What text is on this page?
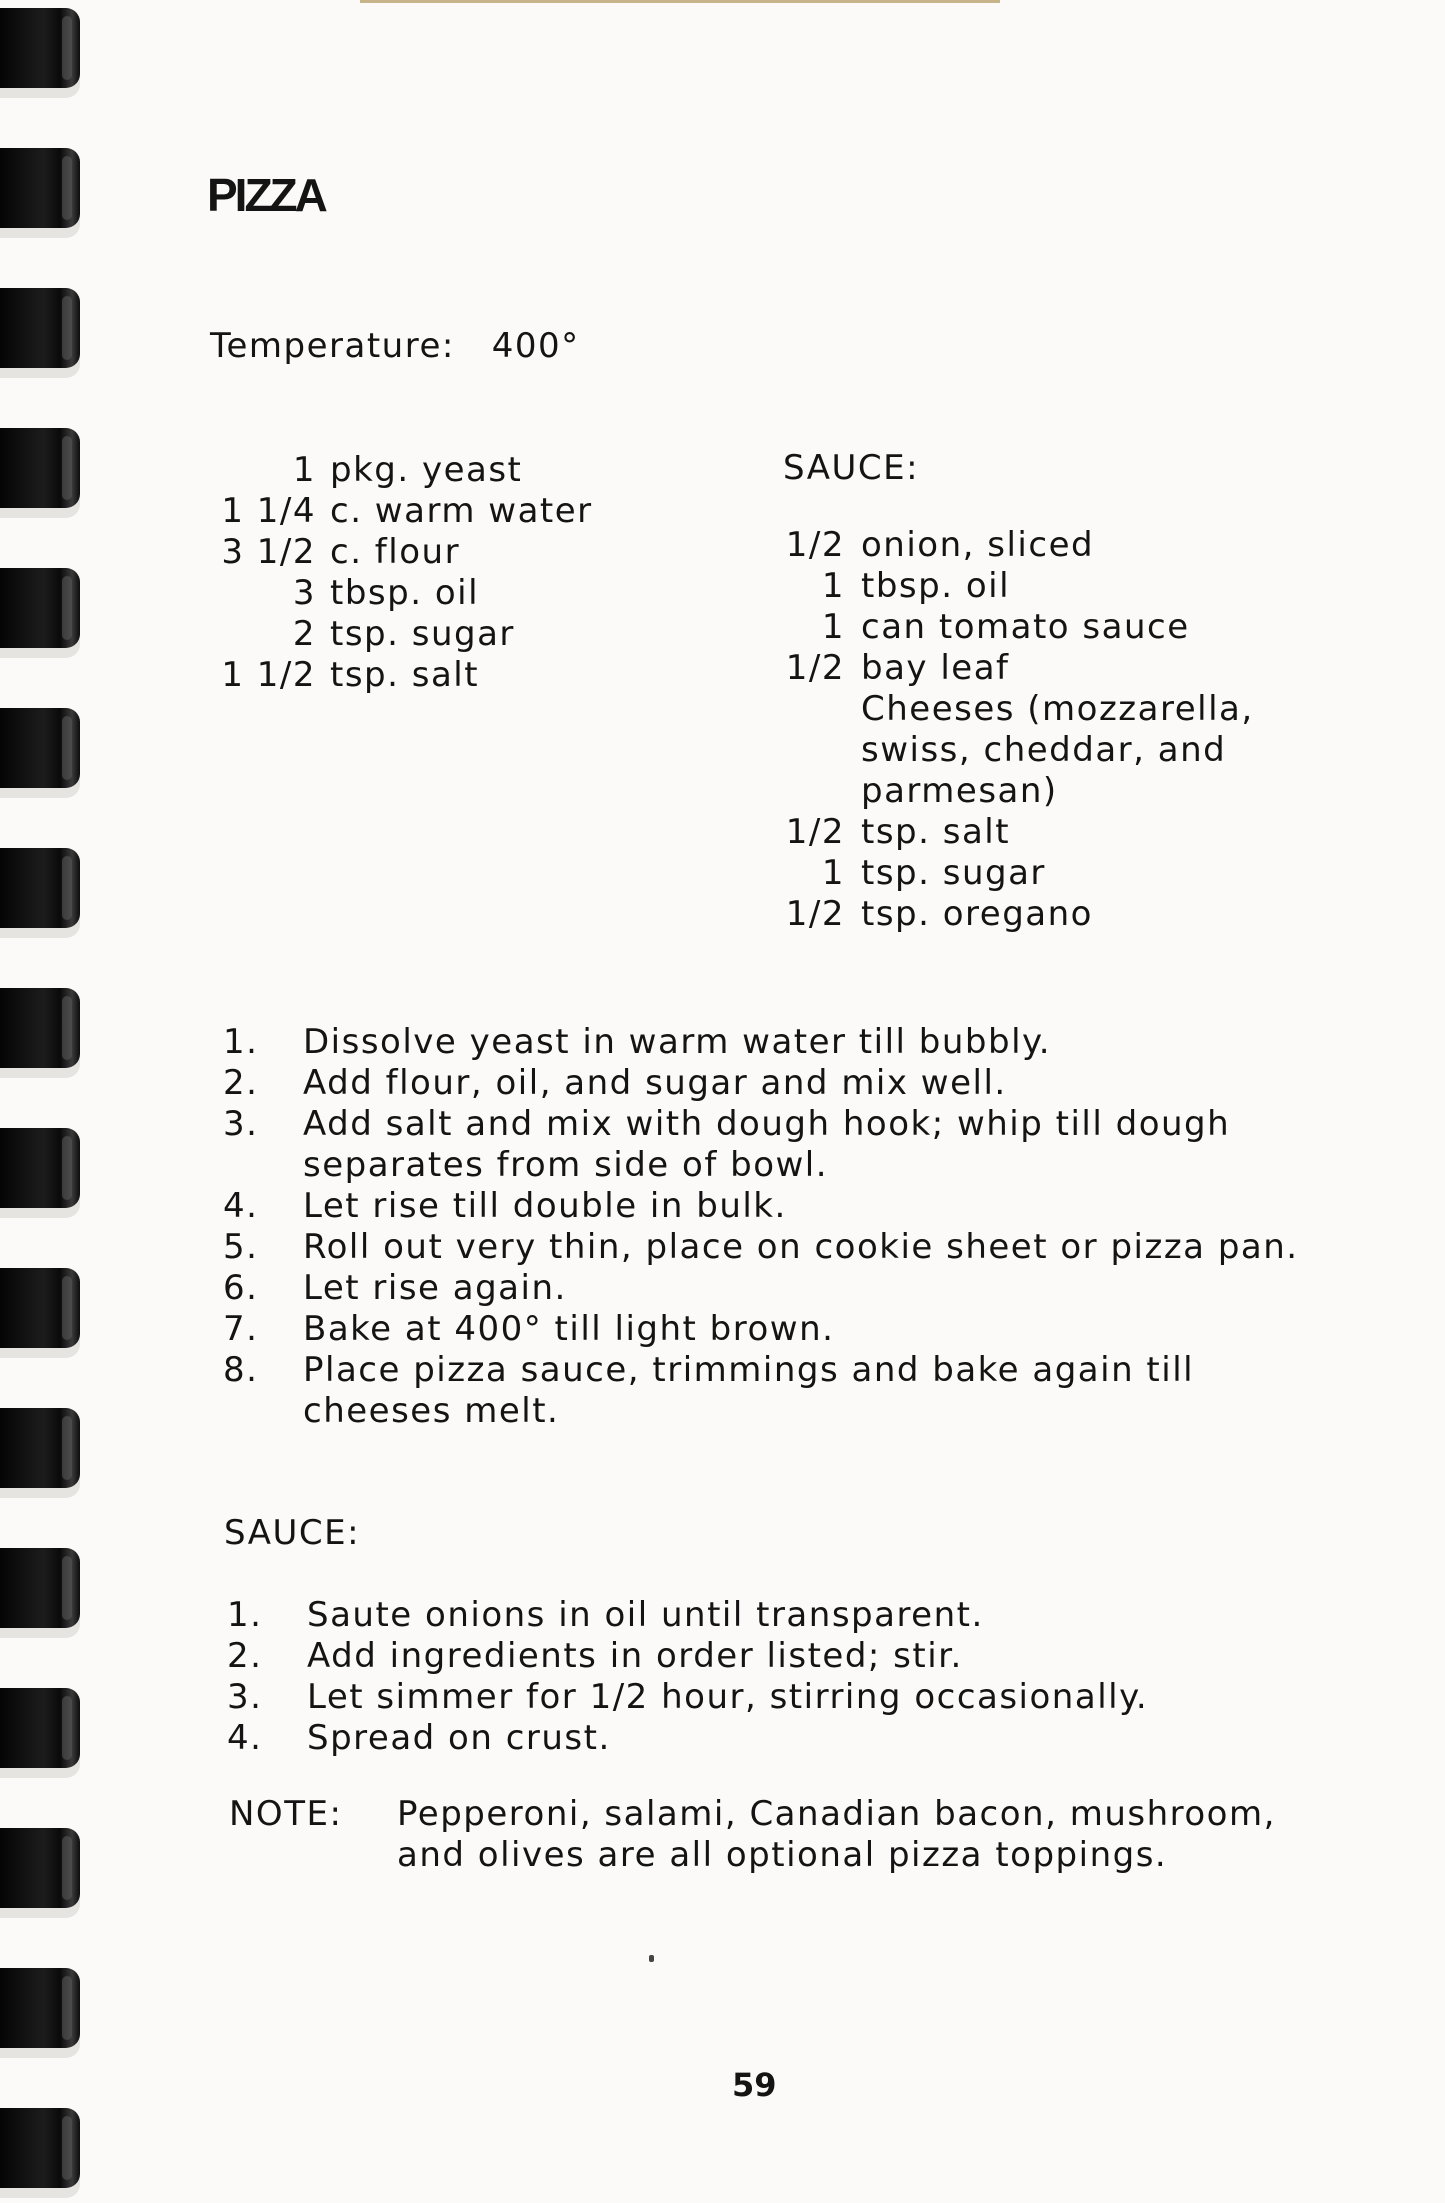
PIZZA
Temperature: 400°
1	pkg. yeast
1 1/4	c. warm water
3 1/2	c. flour
3	tbsp. oil
2	tsp. sugar
1 1/2	tsp. salt
SAUCE:
1/2	onion, sliced
1	tbsp. oil
1	can tomato sauce
1/2	bay leaf
	Cheeses (mozzarella, swiss, cheddar, and parmesan)
1/2	tsp. salt
1	tsp. sugar
1/2	tsp. oregano
1.	Dissolve yeast in warm water till bubbly.
2.	Add flour, oil, and sugar and mix well.
3.	Add salt and mix with dough hook; whip till dough separates from side of bowl.
4.	Let rise till double in bulk.
5.	Roll out very thin, place on cookie sheet or pizza pan.
6.	Let rise again.
7.	Bake at 400° till light brown.
8.	Place pizza sauce, trimmings and bake again till cheeses melt.
SAUCE:
1.	Saute onions in oil until transparent.
2.	Add ingredients in order listed; stir.
3.	Let simmer for 1/2 hour, stirring occasionally.
4.	Spread on crust.
NOTE:	Pepperoni, salami, Canadian bacon, mushroom, and olives are all optional pizza toppings.
59
